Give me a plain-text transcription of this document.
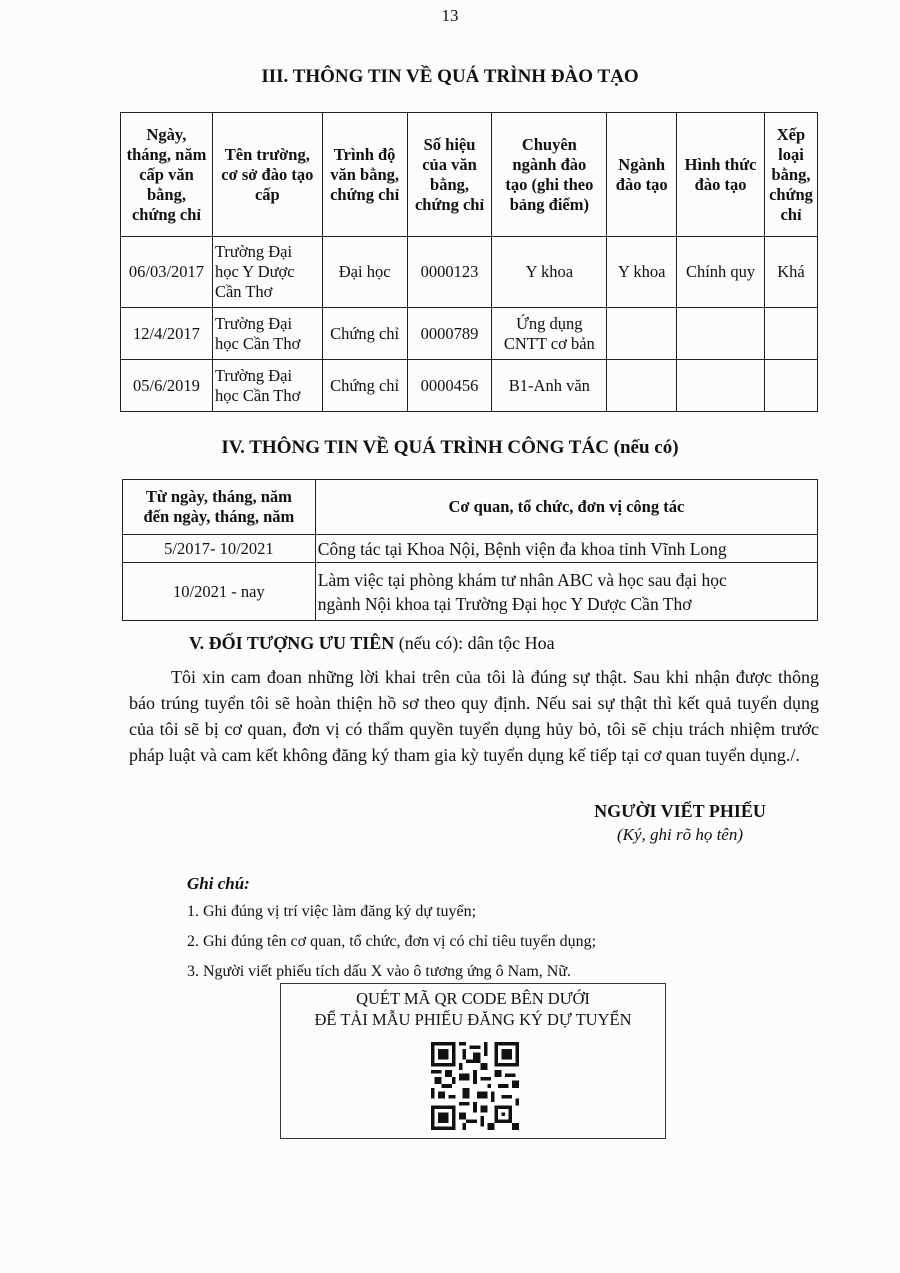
13
III. THÔNG TIN VỀ QUÁ TRÌNH ĐÀO TẠO
Ngày,
tháng, năm
cấp văn
bằng,
chứng chỉ	Tên trường,
cơ sở đào tạo
cấp	Trình độ
văn bằng,
chứng chỉ	Số hiệu
của văn
bằng,
chứng chỉ	Chuyên
ngành đào
tạo (ghi theo
bảng điểm)	Ngành
đào tạo	Hình thức
đào tạo	Xếp
loại
bằng,
chứng
chỉ
06/03/2017	Trường Đại
học Y Dược
Cần Thơ	Đại học	0000123	Y khoa	Y khoa	Chính quy	Khá
12/4/2017	Trường Đại
học Cần Thơ	Chứng chỉ	0000789	Ứng dụng
CNTT cơ bản			
05/6/2019	Trường Đại
học Cần Thơ	Chứng chỉ	0000456	B1-Anh văn			
IV. THÔNG TIN VỀ QUÁ TRÌNH CÔNG TÁC (nếu có)
Từ ngày, tháng, năm
đến ngày, tháng, năm	Cơ quan, tổ chức, đơn vị công tác
5/2017- 10/2021	Công tác tại Khoa Nội, Bệnh viện đa khoa tỉnh Vĩnh Long
10/2021 - nay	Làm việc tại phòng khám tư nhân ABC và học sau đại học
ngành Nội khoa tại Trường Đại học Y Dược Cần Thơ
V. ĐỐI TƯỢNG ƯU TIÊN (nếu có): dân tộc Hoa
Tôi xin cam đoan những lời khai trên của tôi là đúng sự thật. Sau khi nhận được thông báo trúng tuyển tôi sẽ hoàn thiện hồ sơ theo quy định. Nếu sai sự thật thì kết quả tuyển dụng của tôi sẽ bị cơ quan, đơn vị có thẩm quyền tuyển dụng hủy bỏ, tôi sẽ chịu trách nhiệm trước pháp luật và cam kết không đăng ký tham gia kỳ tuyển dụng kế tiếp tại cơ quan tuyển dụng./.
NGƯỜI VIẾT PHIẾU
(Ký, ghi rõ họ tên)
Ghi chú:
1. Ghi đúng vị trí việc làm đăng ký dự tuyển;
2. Ghi đúng tên cơ quan, tổ chức, đơn vị có chỉ tiêu tuyển dụng;
3. Người viết phiếu tích dấu X vào ô tương ứng ô Nam, Nữ.
QUÉT MÃ QR CODE BÊN DƯỚI
ĐỂ TẢI MẪU PHIẾU ĐĂNG KÝ DỰ TUYỂN
